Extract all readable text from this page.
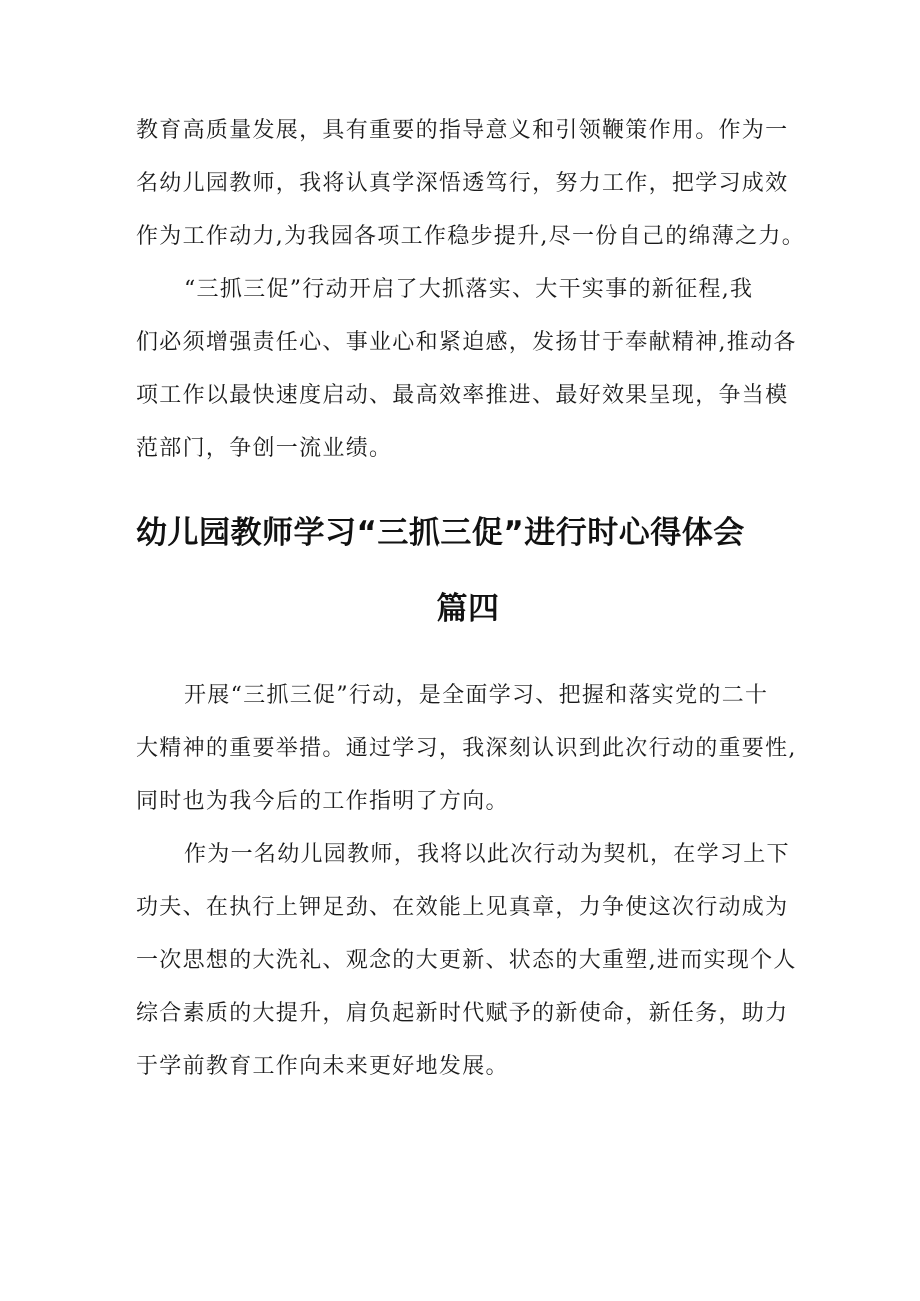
教育高质量发展，具有重要的指导意义和引领鞭策作用。作为一
名幼儿园教师，我将认真学深悟透笃行，努力工作，把学习成效
作为工作动力,为我园各项工作稳步提升,尽一份自己的绵薄之力。
“三抓三促”行动开启了大抓落实、大干实事的新征程,我
们必须增强责任心、事业心和紧迫感，发扬甘于奉献精神,推动各
项工作以最快速度启动、最高效率推进、最好效果呈现，争当模
范部门，争创一流业绩。
幼儿园教师学习“三抓三促”进行时心得体会
篇四
开展“三抓三促”行动，是全面学习、把握和落实党的二十
大精神的重要举措。通过学习，我深刻认识到此次行动的重要性,
同时也为我今后的工作指明了方向。
作为一名幼儿园教师，我将以此次行动为契机，在学习上下
功夫、在执行上钾足劲、在效能上见真章，力争使这次行动成为
一次思想的大洗礼、观念的大更新、状态的大重塑,进而实现个人
综合素质的大提升，肩负起新时代赋予的新使命，新任务，助力
于学前教育工作向未来更好地发展。
